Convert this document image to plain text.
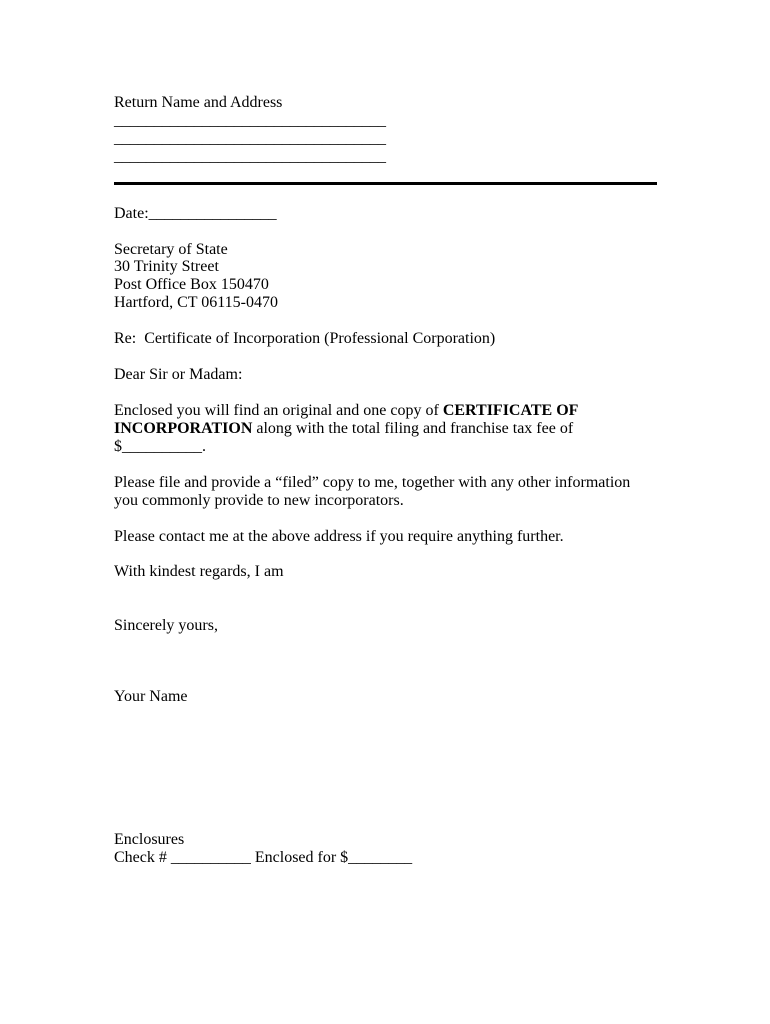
Return Name and Address
__________________________________
__________________________________
__________________________________
Date:________________
Secretary of State
30 Trinity Street
Post Office Box 150470
Hartford, CT 06115-0470
Re:  Certificate of Incorporation (Professional Corporation)
Dear Sir or Madam:

Enclosed you will find an original and one copy of CERTIFICATE OF INCORPORATION along with the total filing and franchise tax fee of $__________.

Please file and provide a “filed” copy to me, together with any other information you commonly provide to new incorporators.

Please contact me at the above address if you require anything further.

With kindest regards, I am

Sincerely yours,
Your Name
Enclosures
Check # __________ Enclosed for $________
